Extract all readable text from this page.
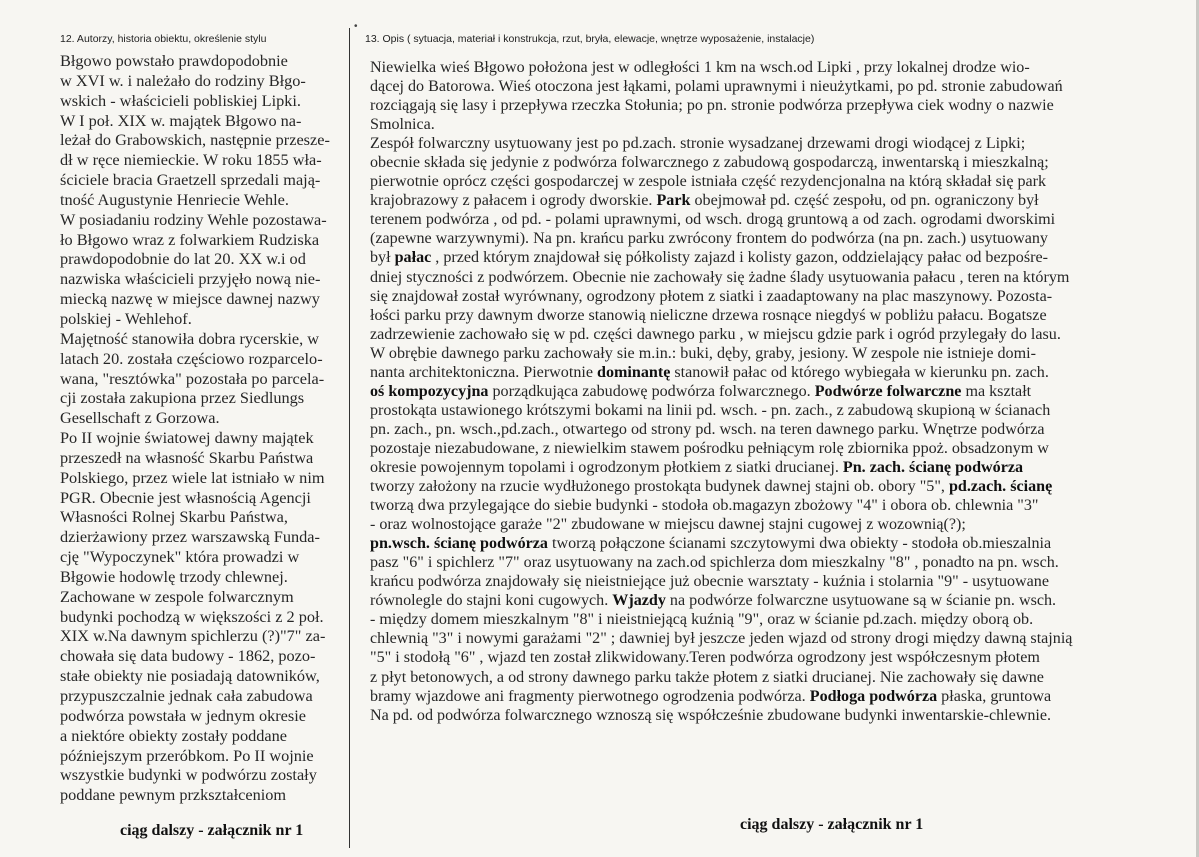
12. Autorzy, historia obiektu, określenie stylu
•
13. Opis ( sytuacja, materiał i konstrukcja, rzut, bryła, elewacje, wnętrze wyposażenie, instalacje)
Błgowo powstało prawdopodobnie
w XVI w. i należało do rodziny Błgo-
wskich - właścicieli pobliskiej Lipki.
W I poł. XIX w. majątek Błgowo na-
leżał do Grabowskich, następnie przesze-
dł w ręce niemieckie. W roku 1855 wła-
ściciele bracia Graetzell sprzedali mają-
tność Augustynie Henriecie Wehle.
W posiadaniu rodziny Wehle pozostawa-
ło Błgowo wraz z folwarkiem Rudziska
prawdopodobnie do lat 20. XX w.i od
nazwiska właścicieli przyjęło nową nie-
miecką nazwę w miejsce dawnej nazwy
polskiej - Wehlehof.
Majętność stanowiła dobra rycerskie, w
latach 20. została częściowo rozparcelo-
wana, "resztówka" pozostała po parcela-
cji została zakupiona przez Siedlungs
Gesellschaft z Gorzowa.
Po II wojnie światowej dawny majątek
przeszedł na własność Skarbu Państwa
Polskiego, przez wiele lat istniało w nim
PGR. Obecnie jest własnością Agencji
Własności Rolnej Skarbu Państwa,
dzierżawiony przez warszawską Funda-
cję "Wypoczynek" która prowadzi w
Błgowie hodowlę trzody chlewnej.
Zachowane w zespole folwarcznym
budynki pochodzą w większości z 2 poł.
XIX w.Na dawnym spichlerzu (?)"7" za-
chowała się data budowy - 1862, pozo-
stałe obiekty nie posiadają datowników,
przypuszczalnie jednak cała zabudowa
podwórza powstała w jednym okresie
a niektóre obiekty zostały poddane
późniejszym przeróbkom. Po II wojnie
wszystkie budynki w podwórzu zostały
poddane pewnym przkształceniom
ciąg dalszy - załącznik nr 1
Niewielka wieś Błgowo położona jest w odległości 1 km na wsch.od Lipki , przy lokalnej drodze wio-
dącej do Batorowa. Wieś otoczona jest łąkami, polami uprawnymi i nieużytkami, po pd. stronie zabudowań
rozciągają się lasy i przepływa rzeczka Stołunia; po pn. stronie podwórza przepływa ciek wodny o nazwie
Smolnica.
Zespół folwarczny usytuowany jest po pd.zach. stronie wysadzanej drzewami drogi wiodącej z Lipki;
obecnie składa się jedynie z podwórza folwarcznego z zabudową gospodarczą, inwentarską i mieszkalną;
pierwotnie oprócz części gospodarczej w zespole istniała część rezydencjonalna na którą składał się park
krajobrazowy z pałacem i ogrody dworskie. Park obejmował pd. część zespołu, od pn. ograniczony był
terenem podwórza , od pd. - polami uprawnymi, od wsch. drogą gruntową a od zach. ogrodami dworskimi
(zapewne warzywnymi). Na pn. krańcu parku zwrócony frontem do podwórza (na pn. zach.) usytuowany
był pałac , przed którym znajdował się półkolisty zajazd i kolisty gazon, oddzielający pałac od bezpośre-
dniej styczności z podwórzem. Obecnie nie zachowały się żadne ślady usytuowania pałacu , teren na którym
się znajdował został wyrównany, ogrodzony płotem z siatki i zaadaptowany na plac maszynowy. Pozosta-
łości parku przy dawnym dworze stanowią nieliczne drzewa rosnące niegdyś w pobliżu pałacu. Bogatsze
zadrzewienie zachowało się w pd. części dawnego parku , w miejscu gdzie park i ogród przylegały do lasu.
W obrębie dawnego parku zachowały sie m.in.: buki, dęby, graby, jesiony. W zespole nie istnieje domi-
nanta architektoniczna. Pierwotnie dominantę stanowił pałac od którego wybiegała w kierunku pn. zach.
oś kompozycyjna porządkująca zabudowę podwórza folwarcznego. Podwórze folwarczne ma kształt
prostokąta ustawionego krótszymi bokami na linii pd. wsch. - pn. zach., z zabudową skupioną w ścianach
pn. zach., pn. wsch.,pd.zach., otwartego od strony pd. wsch. na teren dawnego parku. Wnętrze podwórza
pozostaje niezabudowane, z niewielkim stawem pośrodku pełniącym rolę zbiornika ppoż. obsadzonym w
okresie powojennym topolami i ogrodzonym płotkiem z siatki drucianej. Pn. zach. ścianę podwórza
tworzy założony na rzucie wydłużonego prostokąta budynek dawnej stajni ob. obory "5", pd.zach. ścianę
tworzą dwa przylegające do siebie budynki - stodoła ob.magazyn zbożowy "4" i obora ob. chlewnia "3"
- oraz wolnostojące garaże "2" zbudowane w miejscu dawnej stajni cugowej z wozownią(?);
pn.wsch. ścianę podwórza tworzą połączone ścianami szczytowymi dwa obiekty - stodoła ob.mieszalnia
pasz "6" i spichlerz "7" oraz usytuowany na zach.od spichlerza dom mieszkalny "8" , ponadto na pn. wsch.
krańcu podwórza znajdowały się nieistniejące już obecnie warsztaty - kuźnia i stolarnia "9" - usytuowane
równolegle do stajni koni cugowych. Wjazdy na podwórze folwarczne usytuowane są w ścianie pn. wsch.
- między domem mieszkalnym "8" i nieistniejącą kuźnią "9", oraz w ścianie pd.zach. między oborą ob.
chlewnią "3" i nowymi garażami "2" ; dawniej był jeszcze jeden wjazd od strony drogi między dawną stajnią
"5" i stodołą "6" , wjazd ten został zlikwidowany.Teren podwórza ogrodzony jest współczesnym płotem
z płyt betonowych, a od strony dawnego parku także płotem z siatki drucianej. Nie zachowały się dawne
bramy wjazdowe ani fragmenty pierwotnego ogrodzenia podwórza. Podłoga podwórza płaska, gruntowa
Na pd. od podwórza folwarcznego wznoszą się współcześnie zbudowane budynki inwentarskie-chlewnie.
ciąg dalszy - załącznik nr 1
